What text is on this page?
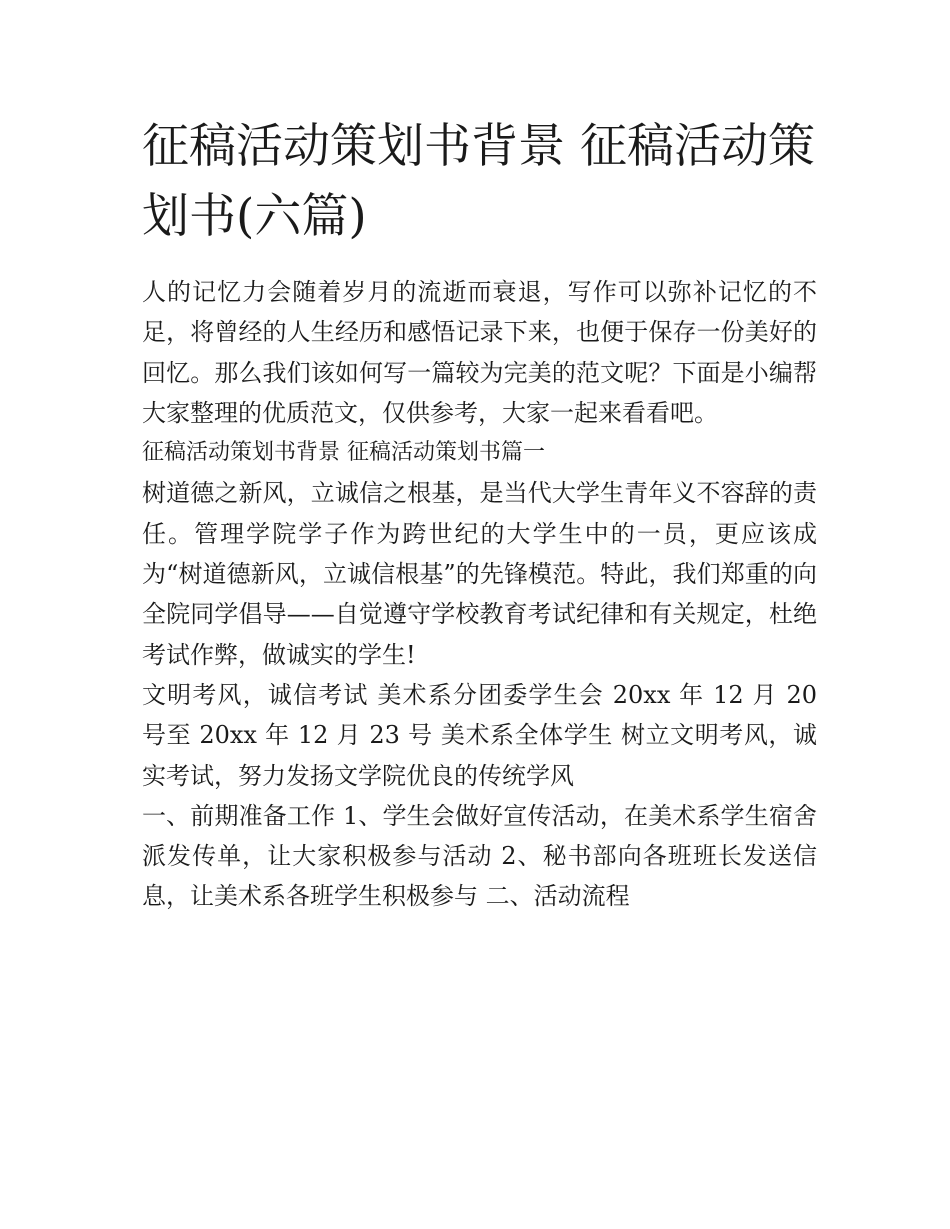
征稿活动策划书背景 征稿活动策划书(六篇)

人的记忆力会随着岁月的流逝而衰退，写作可以弥补记忆的不足，将曾经的人生经历和感悟记录下来，也便于保存一份美好的回忆。那么我们该如何写一篇较为完美的范文呢？下面是小编帮大家整理的优质范文，仅供参考，大家一起来看看吧。

征稿活动策划书背景 征稿活动策划书篇一

树道德之新风，立诚信之根基，是当代大学生青年义不容辞的责任。管理学院学子作为跨世纪的大学生中的一员，更应该成为“树道德新风，立诚信根基”的先锋模范。特此，我们郑重的向全院同学倡导——自觉遵守学校教育考试纪律和有关规定，杜绝考试作弊，做诚实的学生!

文明考风，诚信考试 美术系分团委学生会 20xx 年 12 月 20 号至 20xx 年 12 月 23 号 美术系全体学生 树立文明考风，诚实考试，努力发扬文学院优良的传统学风

一、前期准备工作 1、学生会做好宣传活动，在美术系学生宿舍派发传单，让大家积极参与活动 2、秘书部向各班班长发送信息，让美术系各班学生积极参与 二、活动流程
